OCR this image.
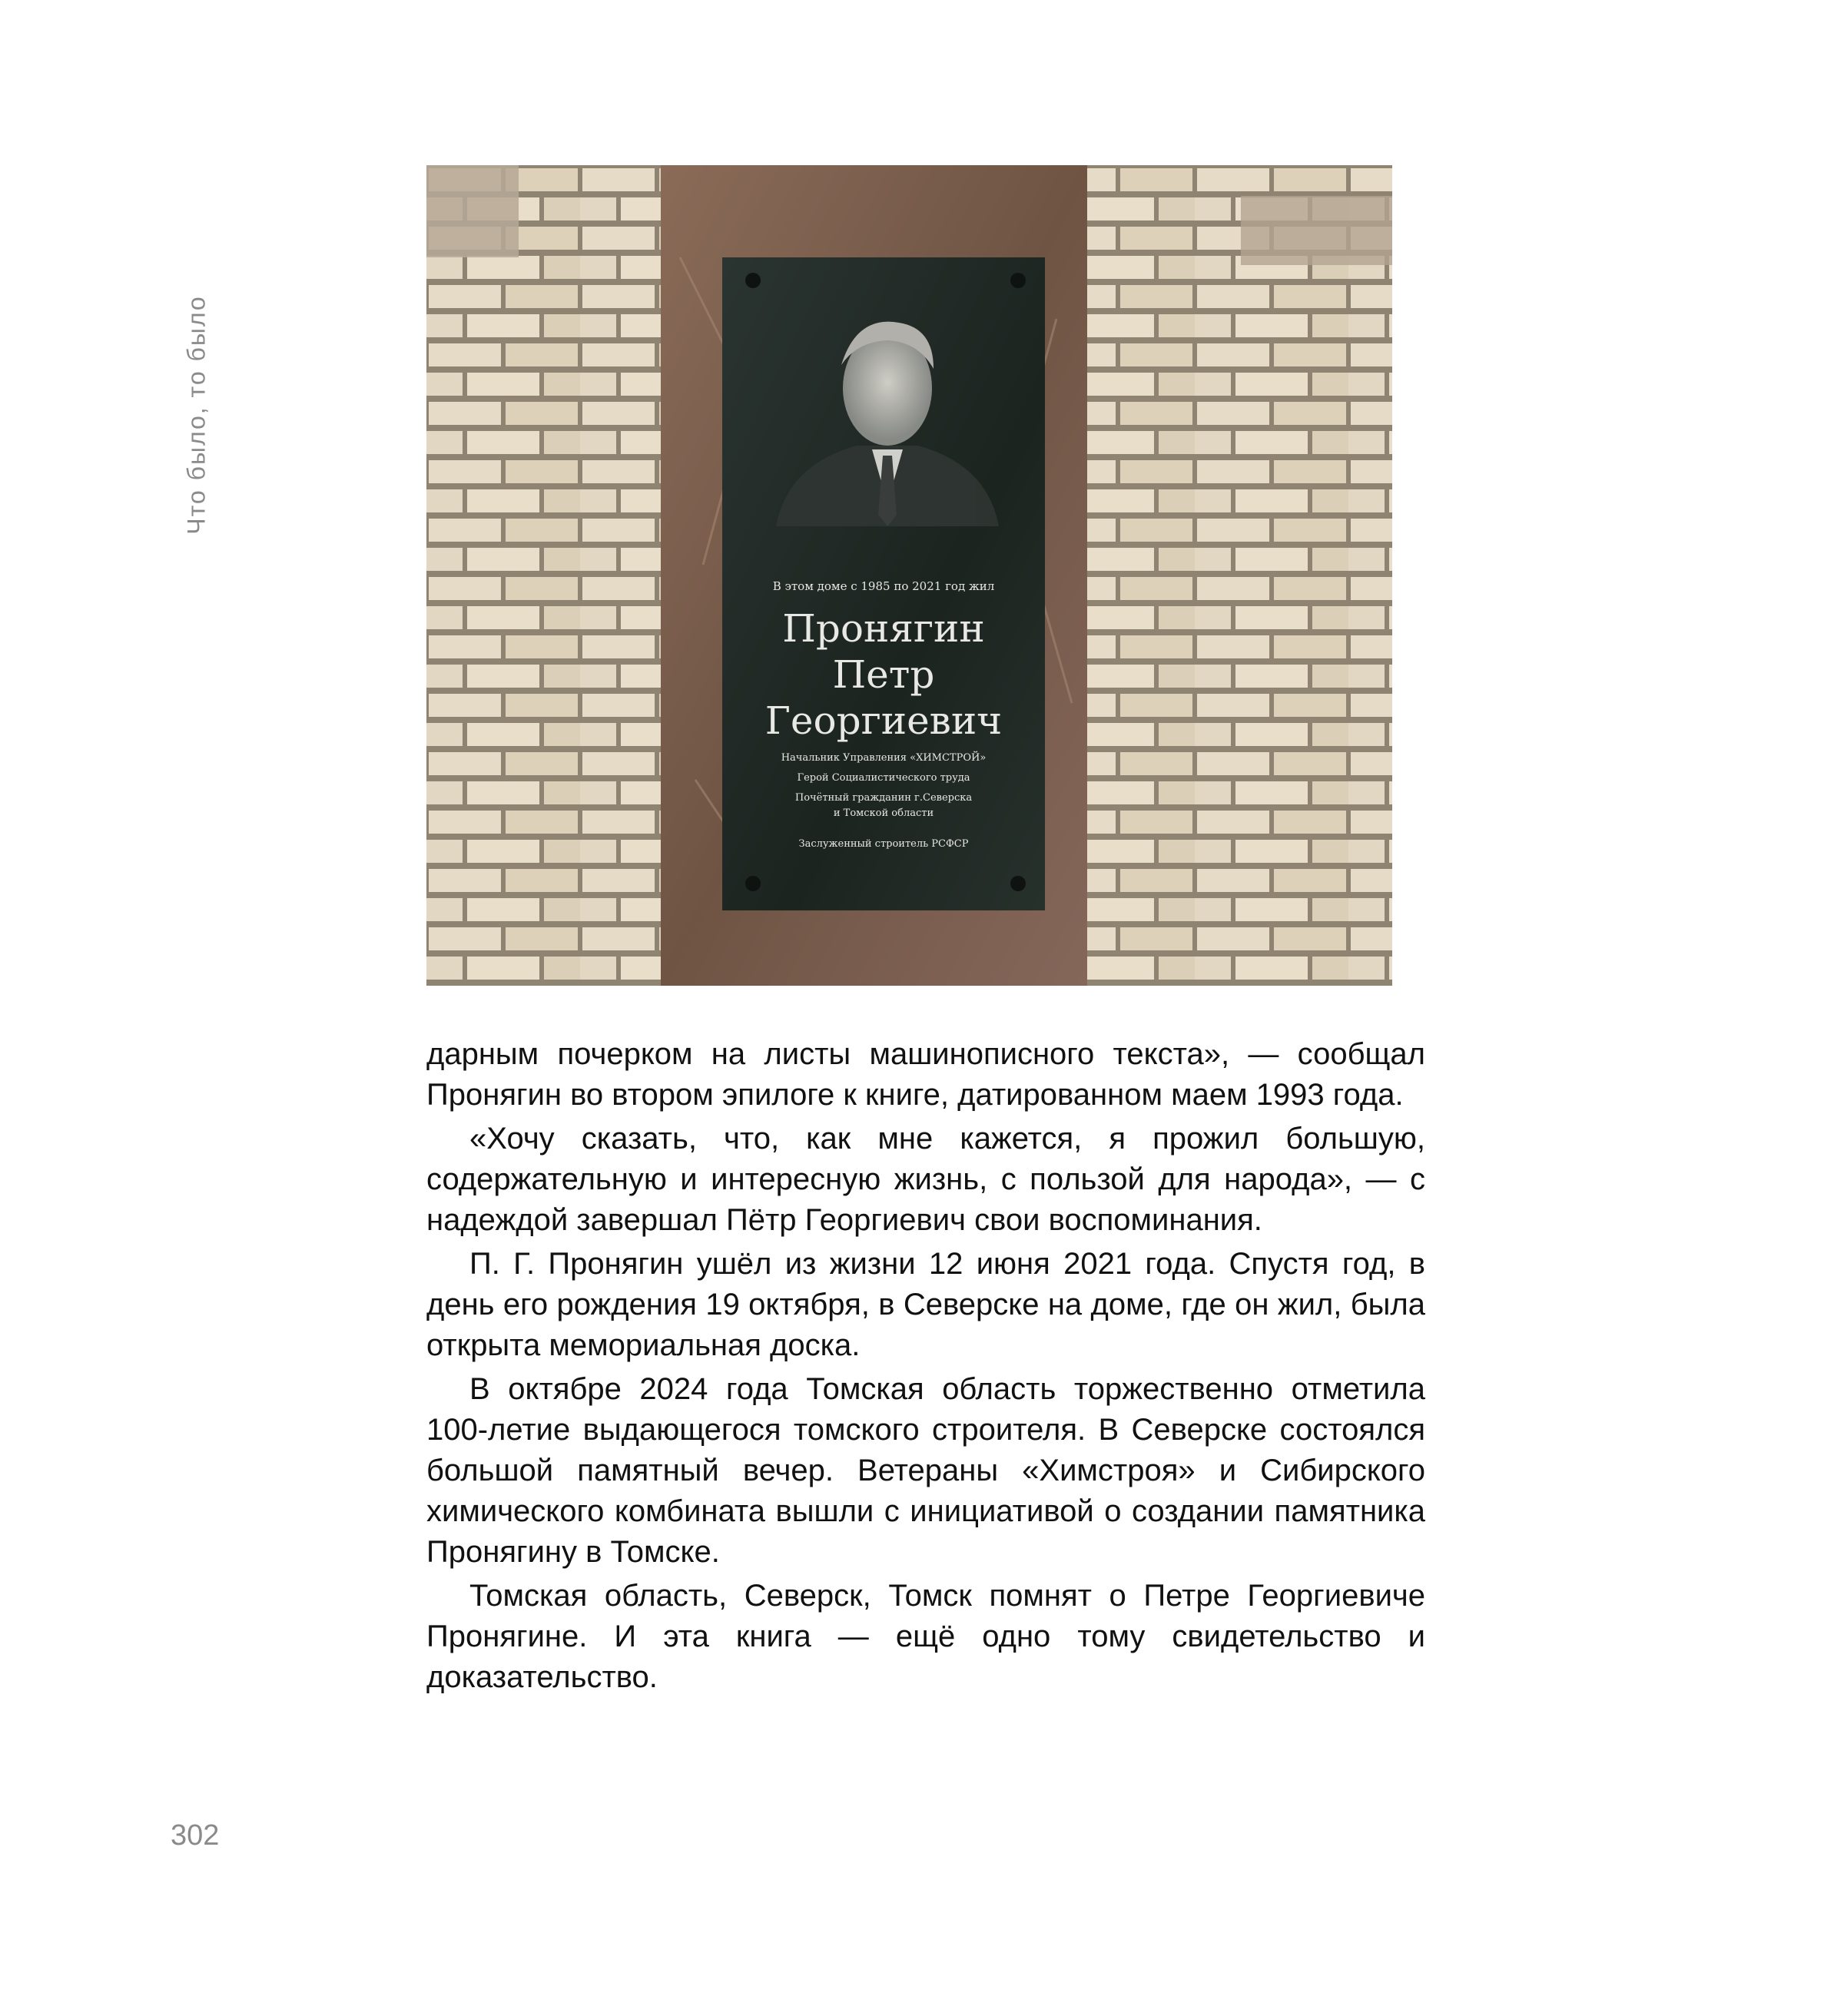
Что было, то было
В этом доме с 1985 по 2021 год жил
Пронягин
Петр
Георгиевич
Начальник Управления «ХИМСТРОЙ»
Герой Социалистического труда
Почётный гражданин г.Северска
и Томской области
Заслуженный строитель РСФСР

дарным почерком на листы машинописного текста», — сообщал Пронягин во втором эпилоге к книге, датированном маем 1993 года.

«Хочу сказать, что, как мне кажется, я прожил большую, содержательную и интересную жизнь, с пользой для народа», — с надеждой завершал Пётр Георгиевич свои воспоминания.

П. Г. Пронягин ушёл из жизни 12 июня 2021 года. Спустя год, в день его рождения 19 октября, в Северске на доме, где он жил, была открыта мемориальная доска.

В октябре 2024 года Томская область торжественно отметила 100-летие выдающегося томского строителя. В Северске состоялся большой памятный вечер. Ветераны «Химстроя» и Сибирского химического комбината вышли с инициативой о создании памятника Пронягину в Томске.

Томская область, Северск, Томск помнят о Петре Георгиевиче Пронягине. И эта книга — ещё одно тому свидетельство и доказательство.

302
